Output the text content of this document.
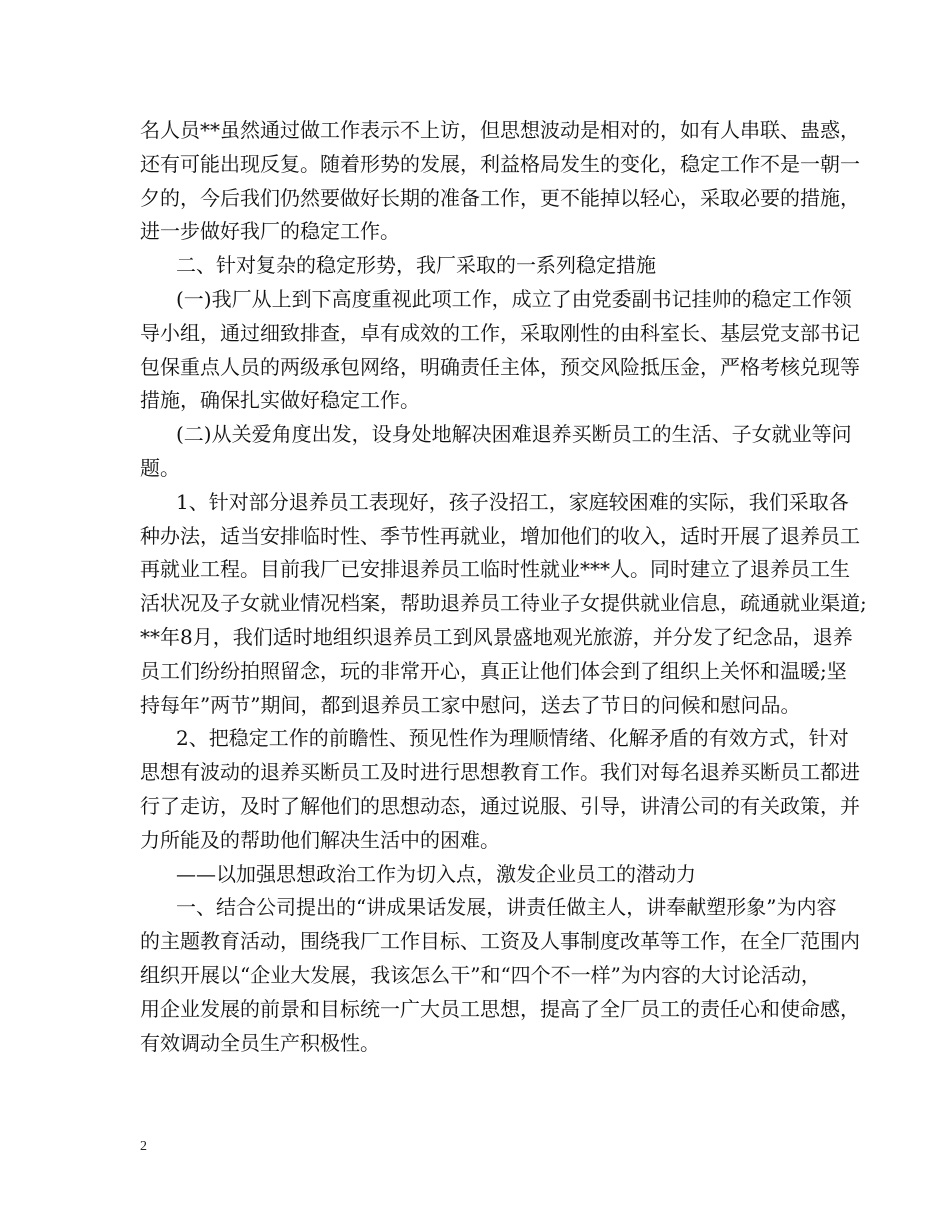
名人员**虽然通过做工作表示不上访，但思想波动是相对的，如有人串联、蛊惑，
还有可能出现反复。随着形势的发展，利益格局发生的变化，稳定工作不是一朝一
夕的，今后我们仍然要做好长期的准备工作，更不能掉以轻心，采取必要的措施，
进一步做好我厂的稳定工作。

二、针对复杂的稳定形势，我厂采取的一系列稳定措施

(一)我厂从上到下高度重视此项工作，成立了由党委副书记挂帅的稳定工作领
导小组，通过细致排查，卓有成效的工作，采取刚性的由科室长、基层党支部书记
包保重点人员的两级承包网络，明确责任主体，预交风险抵压金，严格考核兑现等
措施，确保扎实做好稳定工作。

(二)从关爱角度出发，设身处地解决困难退养买断员工的生活、子女就业等问
题。

1、针对部分退养员工表现好，孩子没招工，家庭较困难的实际，我们采取各
种办法，适当安排临时性、季节性再就业，增加他们的收入，适时开展了退养员工
再就业工程。目前我厂已安排退养员工临时性就业***人。同时建立了退养员工生
活状况及子女就业情况档案，帮助退养员工待业子女提供就业信息，疏通就业渠道;
**年8月，我们适时地组织退养员工到风景盛地观光旅游，并分发了纪念品，退养
员工们纷纷拍照留念，玩的非常开心，真正让他们体会到了组织上关怀和温暖;坚
持每年”两节”期间，都到退养员工家中慰问，送去了节日的问候和慰问品。

2、把稳定工作的前瞻性、预见性作为理顺情绪、化解矛盾的有效方式，针对
思想有波动的退养买断员工及时进行思想教育工作。我们对每名退养买断员工都进
行了走访，及时了解他们的思想动态，通过说服、引导，讲清公司的有关政策，并
力所能及的帮助他们解决生活中的困难。

——以加强思想政治工作为切入点，激发企业员工的潜动力

一、结合公司提出的“讲成果话发展，讲责任做主人，讲奉献塑形象”为内容
的主题教育活动，围绕我厂工作目标、工资及人事制度改革等工作，在全厂范围内
组织开展以“企业大发展，我该怎么干”和“四个不一样”为内容的大讨论活动，
用企业发展的前景和目标统一广大员工思想，提高了全厂员工的责任心和使命感，
有效调动全员生产积极性。

2
